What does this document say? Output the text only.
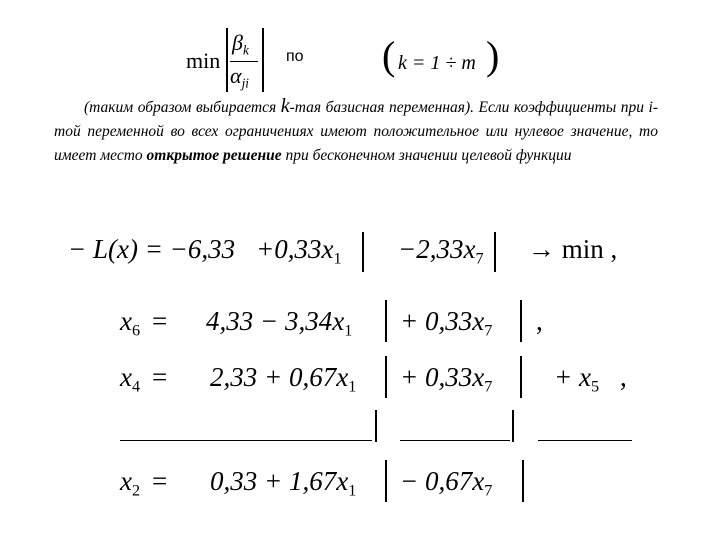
min
$\beta_k$
$\alpha_{ji}$
по ( k = 1 ÷ m )
(таким образом выбирается k-тая базисная переменная). Если коэффициенты при i-той переменной во всех ограничениях имеют положительное или нулевое значение, то имеет место открытое решение при бесконечном значении целевой функции
− $L(x) = -6,33 +0,33x_1 -2,33x_7 \to \min$ ,
$x_6 = 4,33 - 3,34x_1 + 0,33x_7$ ,
$x_4 = 2,33 + 0,67x_1 + 0,33x_7 + x_5$ ,
$x_2 = 0,33 + 1,67x_1 - 0,67x_7$
